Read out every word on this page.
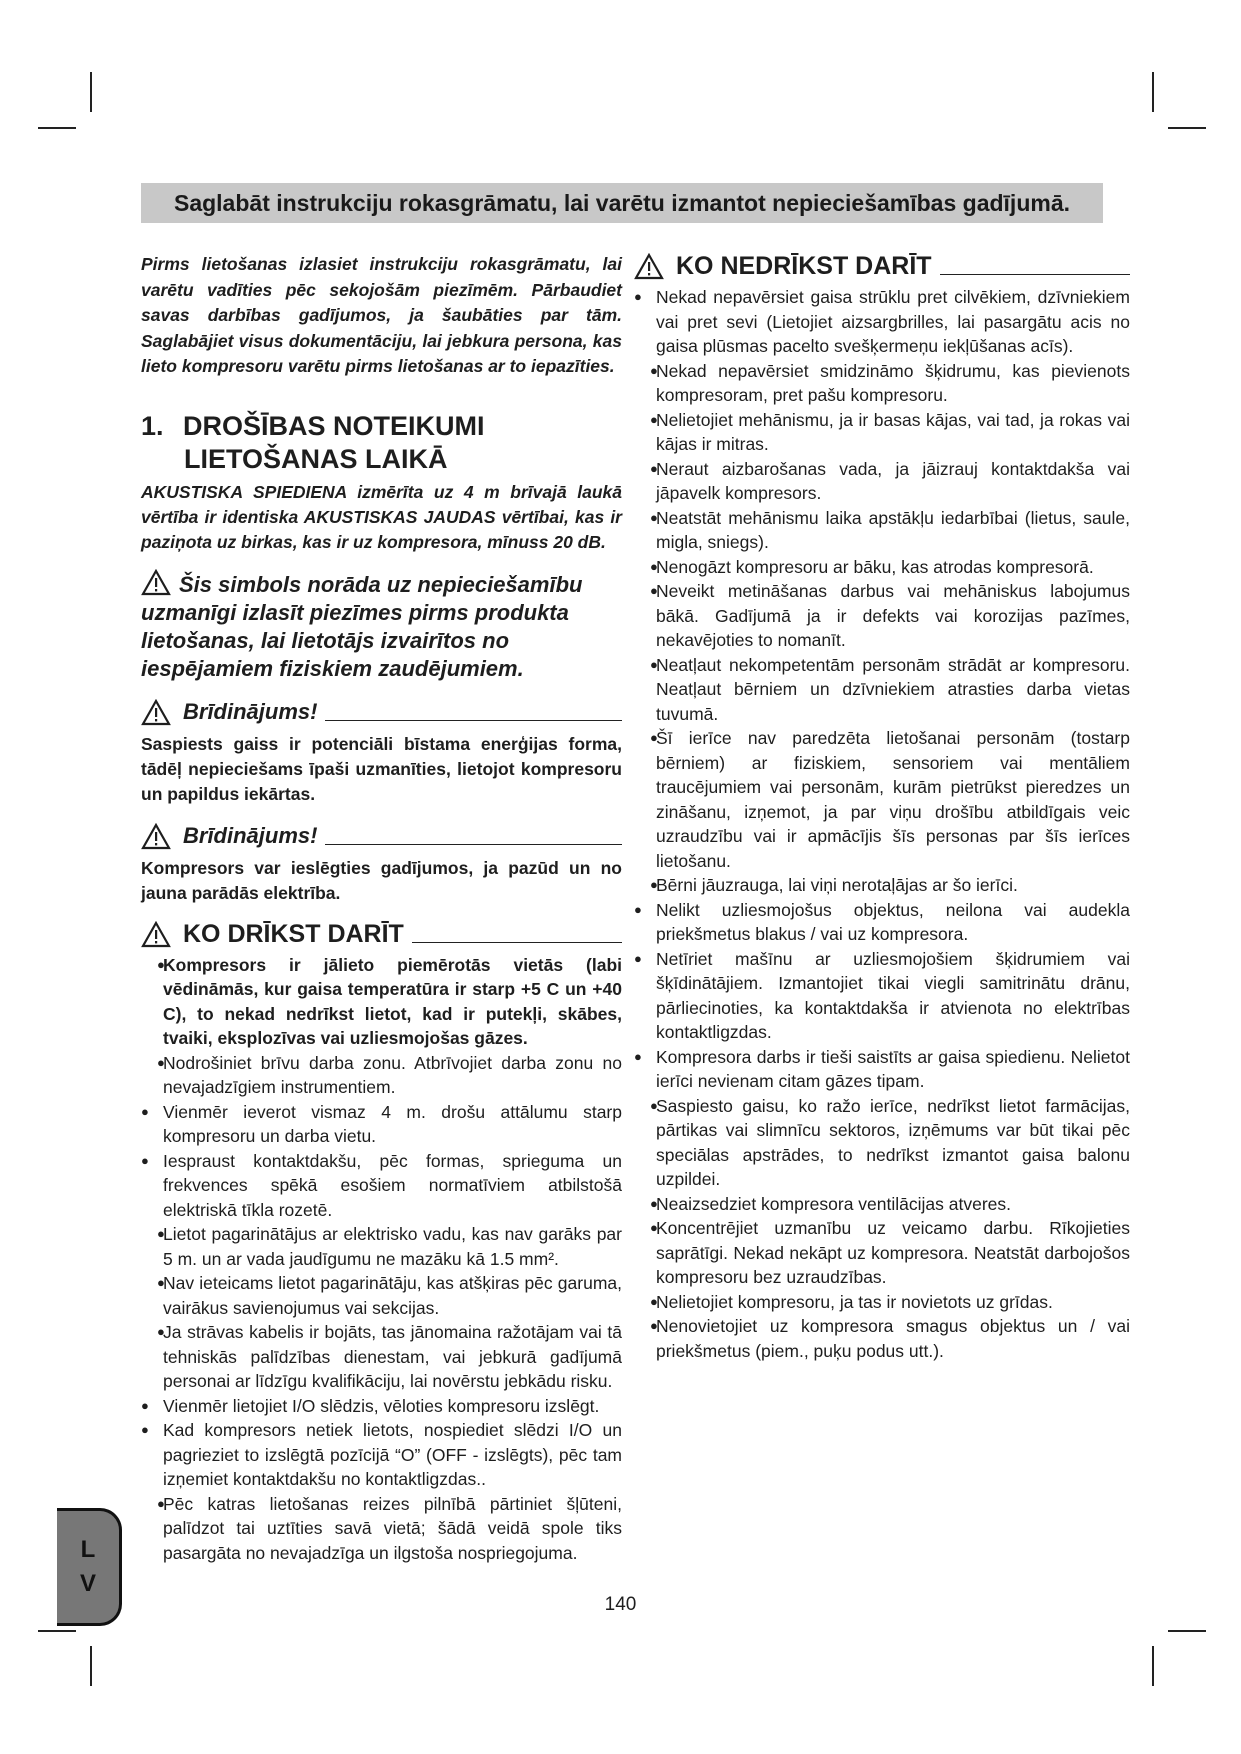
Saglabāt instrukciju rokasgrāmatu, lai varētu izmantot nepieciešamības gadījumā.

Pirms lietošanas izlasiet instrukciju rokasgrāmatu, lai varētu vadīties pēc sekojošām piezīmēm. Pārbaudiet savas darbības gadījumos, ja šaubāties par tām. Saglabājiet visus dokumentāciju, lai jebkura persona, kas lieto kompresoru varētu pirms lietošanas ar to iepazīties.

1. DROŠĪBAS NOTEIKUMI
LIETOŠANAS LAIKĀ

AKUSTISKA SPIEDIENA izmērīta uz 4 m brīvajā laukā vērtība ir identiska AKUSTISKAS JAUDAS vērtībai, kas ir paziņota uz birkas, kas ir uz kompresora, mīnuss 20 dB.

Šis simbols norāda uz nepieciešamību uzmanīgi izlasīt piezīmes pirms produkta lietošanas, lai lietotājs izvairītos no iespējamiem fiziskiem zaudējumiem.

Brīdinājums!

Saspiests gaiss ir potenciāli bīstama enerģijas forma, tādēļ nepieciešams īpaši uzmanīties, lietojot kompresoru un papildus iekārtas.

Brīdinājums!

Kompresors var ieslēgties gadījumos, ja pazūd un no jauna parādās elektrība.

KO DRĪKST DARĪT
● Kompresors ir jālieto piemērotās vietās (labi vēdināmās, kur gaisa temperatūra ir starp +5 C un +40 C), to nekad nedrīkst lietot, kad ir putekļi, skābes, tvaiki, eksplozīvas vai uzliesmojošas gāzes.
● Nodrošiniet brīvu darba zonu. Atbrīvojiet darba zonu no nevajadzīgiem instrumentiem.
● Vienmēr ieverot vismaz 4 m. drošu attālumu starp kompresoru un darba vietu.
● Iespraust kontaktdakšu, pēc formas, sprieguma un frekvences spēkā esošiem normatīviem atbilstošā elektriskā tīkla rozetē.
● Lietot pagarinātājus ar elektrisko vadu, kas nav garāks par 5 m. un ar vada jaudīgumu ne mazāku kā 1.5 mm².
● Nav ieteicams lietot pagarinātāju, kas atšķiras pēc garuma, vairākus savienojumus vai sekcijas.
● Ja strāvas kabelis ir bojāts, tas jānomaina ražotājam vai tā tehniskās palīdzības dienestam, vai jebkurā gadījumā personai ar līdzīgu kvalifikāciju, lai novērstu jebkādu risku.
● Vienmēr lietojiet I/O slēdzis, vēloties kompresoru izslēgt.
● Kad kompresors netiek lietots, nospiediet slēdzi I/O un pagrieziet to izslēgtā pozīcijā “O” (OFF - izslēgts), pēc tam izņemiet kontaktdakšu no kontaktligzdas..
● Pēc katras lietošanas reizes pilnībā pārtiniet šļūteni, palīdzot tai uztīties savā vietā; šādā veidā spole tiks pasargāta no nevajadzīga un ilgstoša nospriegojuma.
KO NEDRĪKST DARĪT
● Nekad nepavērsiet gaisa strūklu pret cilvēkiem, dzīvniekiem vai pret sevi (Lietojiet aizsargbrilles, lai pasargātu acis no gaisa plūsmas pacelto svešķermeņu iekļūšanas acīs).
● Nekad nepavērsiet smidzināmo šķidrumu, kas pievienots kompresoram, pret pašu kompresoru.
● Nelietojiet mehānismu, ja ir basas kājas, vai tad, ja rokas vai kājas ir mitras.
● Neraut aizbarošanas vada, ja jāizrauj kontaktdakša vai jāpavelk kompresors.
● Neatstāt mehānismu laika apstākļu iedarbībai (lietus, saule, migla, sniegs).
● Nenogāzt kompresoru ar bāku, kas atrodas kompresorā.
● Neveikt metināšanas darbus vai mehāniskus labojumus bākā. Gadījumā ja ir defekts vai korozijas pazīmes, nekavējoties to nomanīt.
● Neatļaut nekompetentām personām strādāt ar kompresoru. Neatļaut bērniem un dzīvniekiem atrasties darba vietas tuvumā.
● Šī ierīce nav paredzēta lietošanai personām (tostarp bērniem) ar fiziskiem, sensoriem vai mentāliem traucējumiem vai personām, kurām pietrūkst pieredzes un zināšanu, izņemot, ja par viņu drošību atbildīgais veic uzraudzību vai ir apmācījis šīs personas par šīs ierīces lietošanu.
● Bērni jāuzrauga, lai viņi nerotaļājas ar šo ierīci.
● Nelikt uzliesmojošus objektus, neilona vai audekla priekšmetus blakus / vai uz kompresora.
● Netīriet mašīnu ar uzliesmojošiem šķidrumiem vai šķīdinātājiem. Izmantojiet tikai viegli samitrinātu drānu, pārliecinoties, ka kontaktdakša ir atvienota no elektrības kontaktligzdas.
● Kompresora darbs ir tieši saistīts ar gaisa spiedienu. Nelietot ierīci nevienam citam gāzes tipam.
● Saspiesto gaisu, ko ražo ierīce, nedrīkst lietot farmācijas, pārtikas vai slimnīcu sektoros, izņēmums var būt tikai pēc speciālas apstrādes, to nedrīkst izmantot gaisa balonu uzpildei.
● Neaizsedziet kompresora ventilācijas atveres.
● Koncentrējiet uzmanību uz veicamo darbu. Rīkojieties saprātīgi. Nekad nekāpt uz kompresora. Neatstāt darbojošos kompresoru bez uzraudzības.
● Nelietojiet kompresoru, ja tas ir novietots uz grīdas.
● Nenovietojiet uz kompresora smagus objektus un / vai priekšmetus (piem., puķu podus utt.).
140
L
V
